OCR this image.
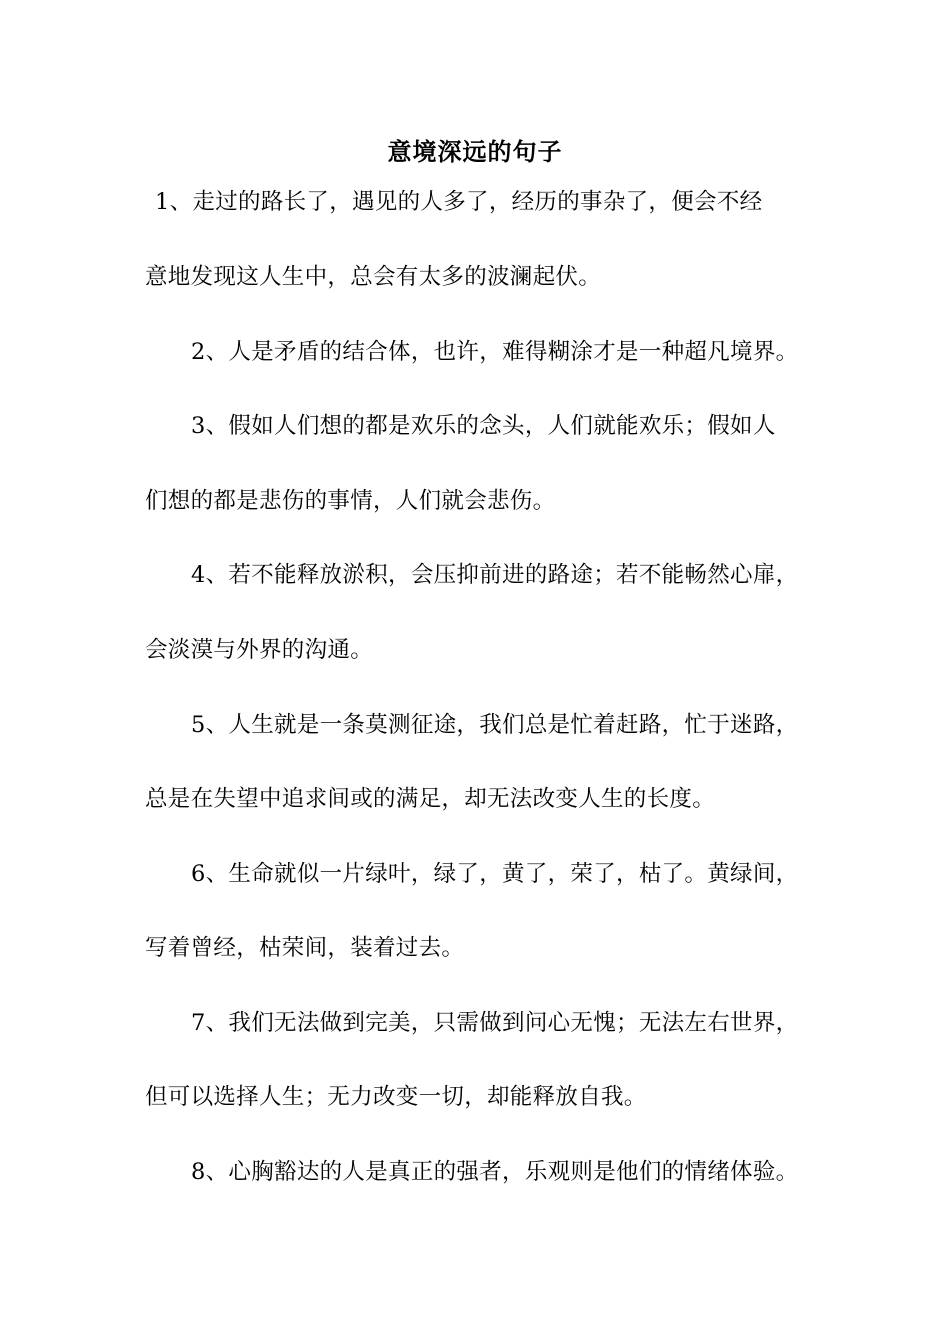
意境深远的句子
1、走过的路长了，遇见的人多了，经历的事杂了，便会不经
意地发现这人生中，总会有太多的波澜起伏。
2、人是矛盾的结合体，也许，难得糊涂才是一种超凡境界。
3、假如人们想的都是欢乐的念头，人们就能欢乐；假如人
们想的都是悲伤的事情，人们就会悲伤。
4、若不能释放淤积，会压抑前进的路途；若不能畅然心扉，
会淡漠与外界的沟通。
5、人生就是一条莫测征途，我们总是忙着赶路，忙于迷路，
总是在失望中追求间或的满足，却无法改变人生的长度。
6、生命就似一片绿叶，绿了，黄了，荣了，枯了。黄绿间，
写着曾经，枯荣间，装着过去。
7、我们无法做到完美，只需做到问心无愧；无法左右世界，
但可以选择人生；无力改变一切，却能释放自我。
8、心胸豁达的人是真正的强者，乐观则是他们的情绪体验。
